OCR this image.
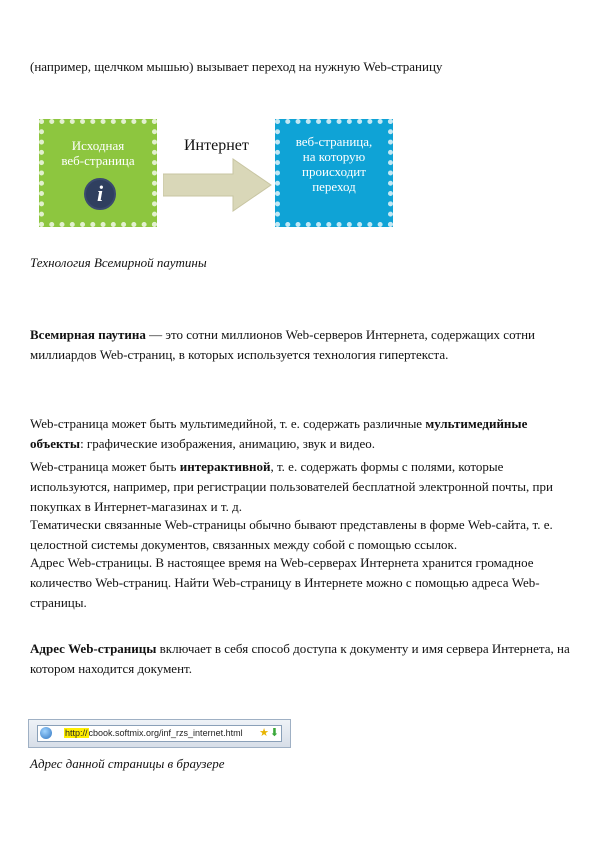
(например, щелчком мышью) вызывает переход на нужную Web-страницу

Исходная
веб-страница
i
Интернет	веб-страница,
на которую
происходит
переход

Технология Всемирной паутины

Всемирная паутина — это сотни миллионов Web-серверов Интернета, содержащих сотни миллиардов Web-страниц, в которых используется технология гипертекста.

Web-страница может быть мультимедийной, т. е. содержать различные мультимедийные объекты: графические изображения, анимацию, звук и видео.

Web-страница может быть интерактивной, т. е. содержать формы с полями, которые используются, например, при регистрации пользователей бесплатной электронной почты, при покупках в Интернет-магазинах и т. д.

Тематически связанные Web-страницы обычно бывают представлены в форме Web-сайта, т. е. целостной системы документов, связанных между собой с помощью ссылок.

Адрес Web-страницы. В настоящее время на Web-серверах Интернета хранится громадное количество Web-страниц. Найти Web-страницу в Интернете можно с помощью адреса Web-страницы.

Адрес Web-страницы включает в себя способ доступа к документу и имя сервера Интернета, на котором находится документ.

http://cbook.softmix.org/inf_rzs_internet.html ★ ⬇

Адрес данной страницы в браузере
